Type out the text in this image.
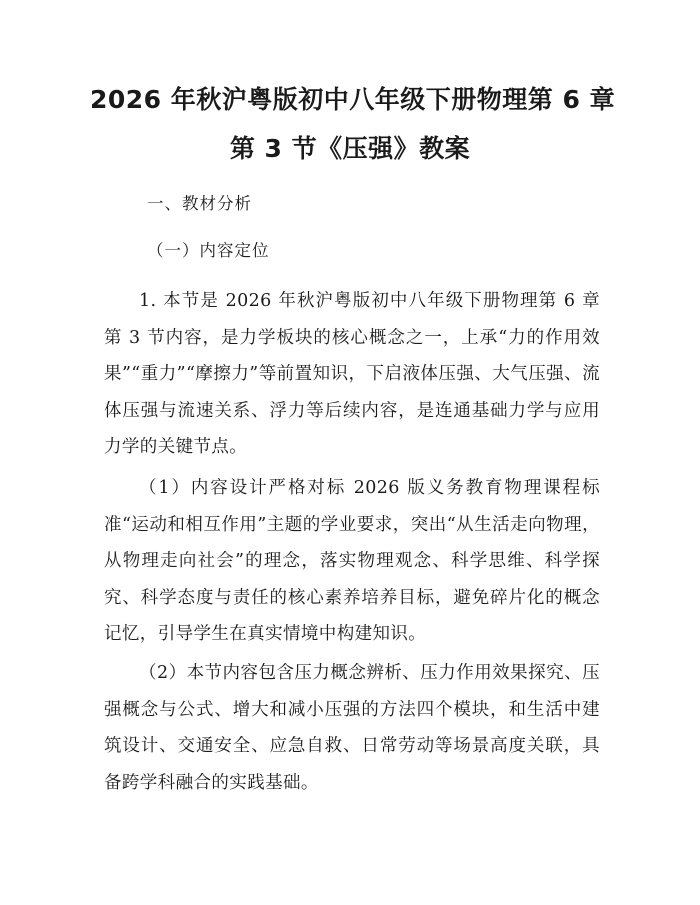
2026 年秋沪粤版初中八年级下册物理第 6 章
第 3 节《压强》教案
一、教材分析
（一）内容定位

1. 本节是 2026 年秋沪粤版初中八年级下册物理第 6 章第 3 节内容，是力学板块的核心概念之一，上承“力的作用效果”“重力”“摩擦力”等前置知识，下启液体压强、大气压强、流体压强与流速关系、浮力等后续内容，是连通基础力学与应用力学的关键节点。

（1）内容设计严格对标 2026 版义务教育物理课程标准“运动和相互作用”主题的学业要求，突出“从生活走向物理，从物理走向社会”的理念，落实物理观念、科学思维、科学探究、科学态度与责任的核心素养培养目标，避免碎片化的概念记忆，引导学生在真实情境中构建知识。

（2）本节内容包含压力概念辨析、压力作用效果探究、压强概念与公式、增大和减小压强的方法四个模块，和生活中建筑设计、交通安全、应急自救、日常劳动等场景高度关联，具备跨学科融合的实践基础。
